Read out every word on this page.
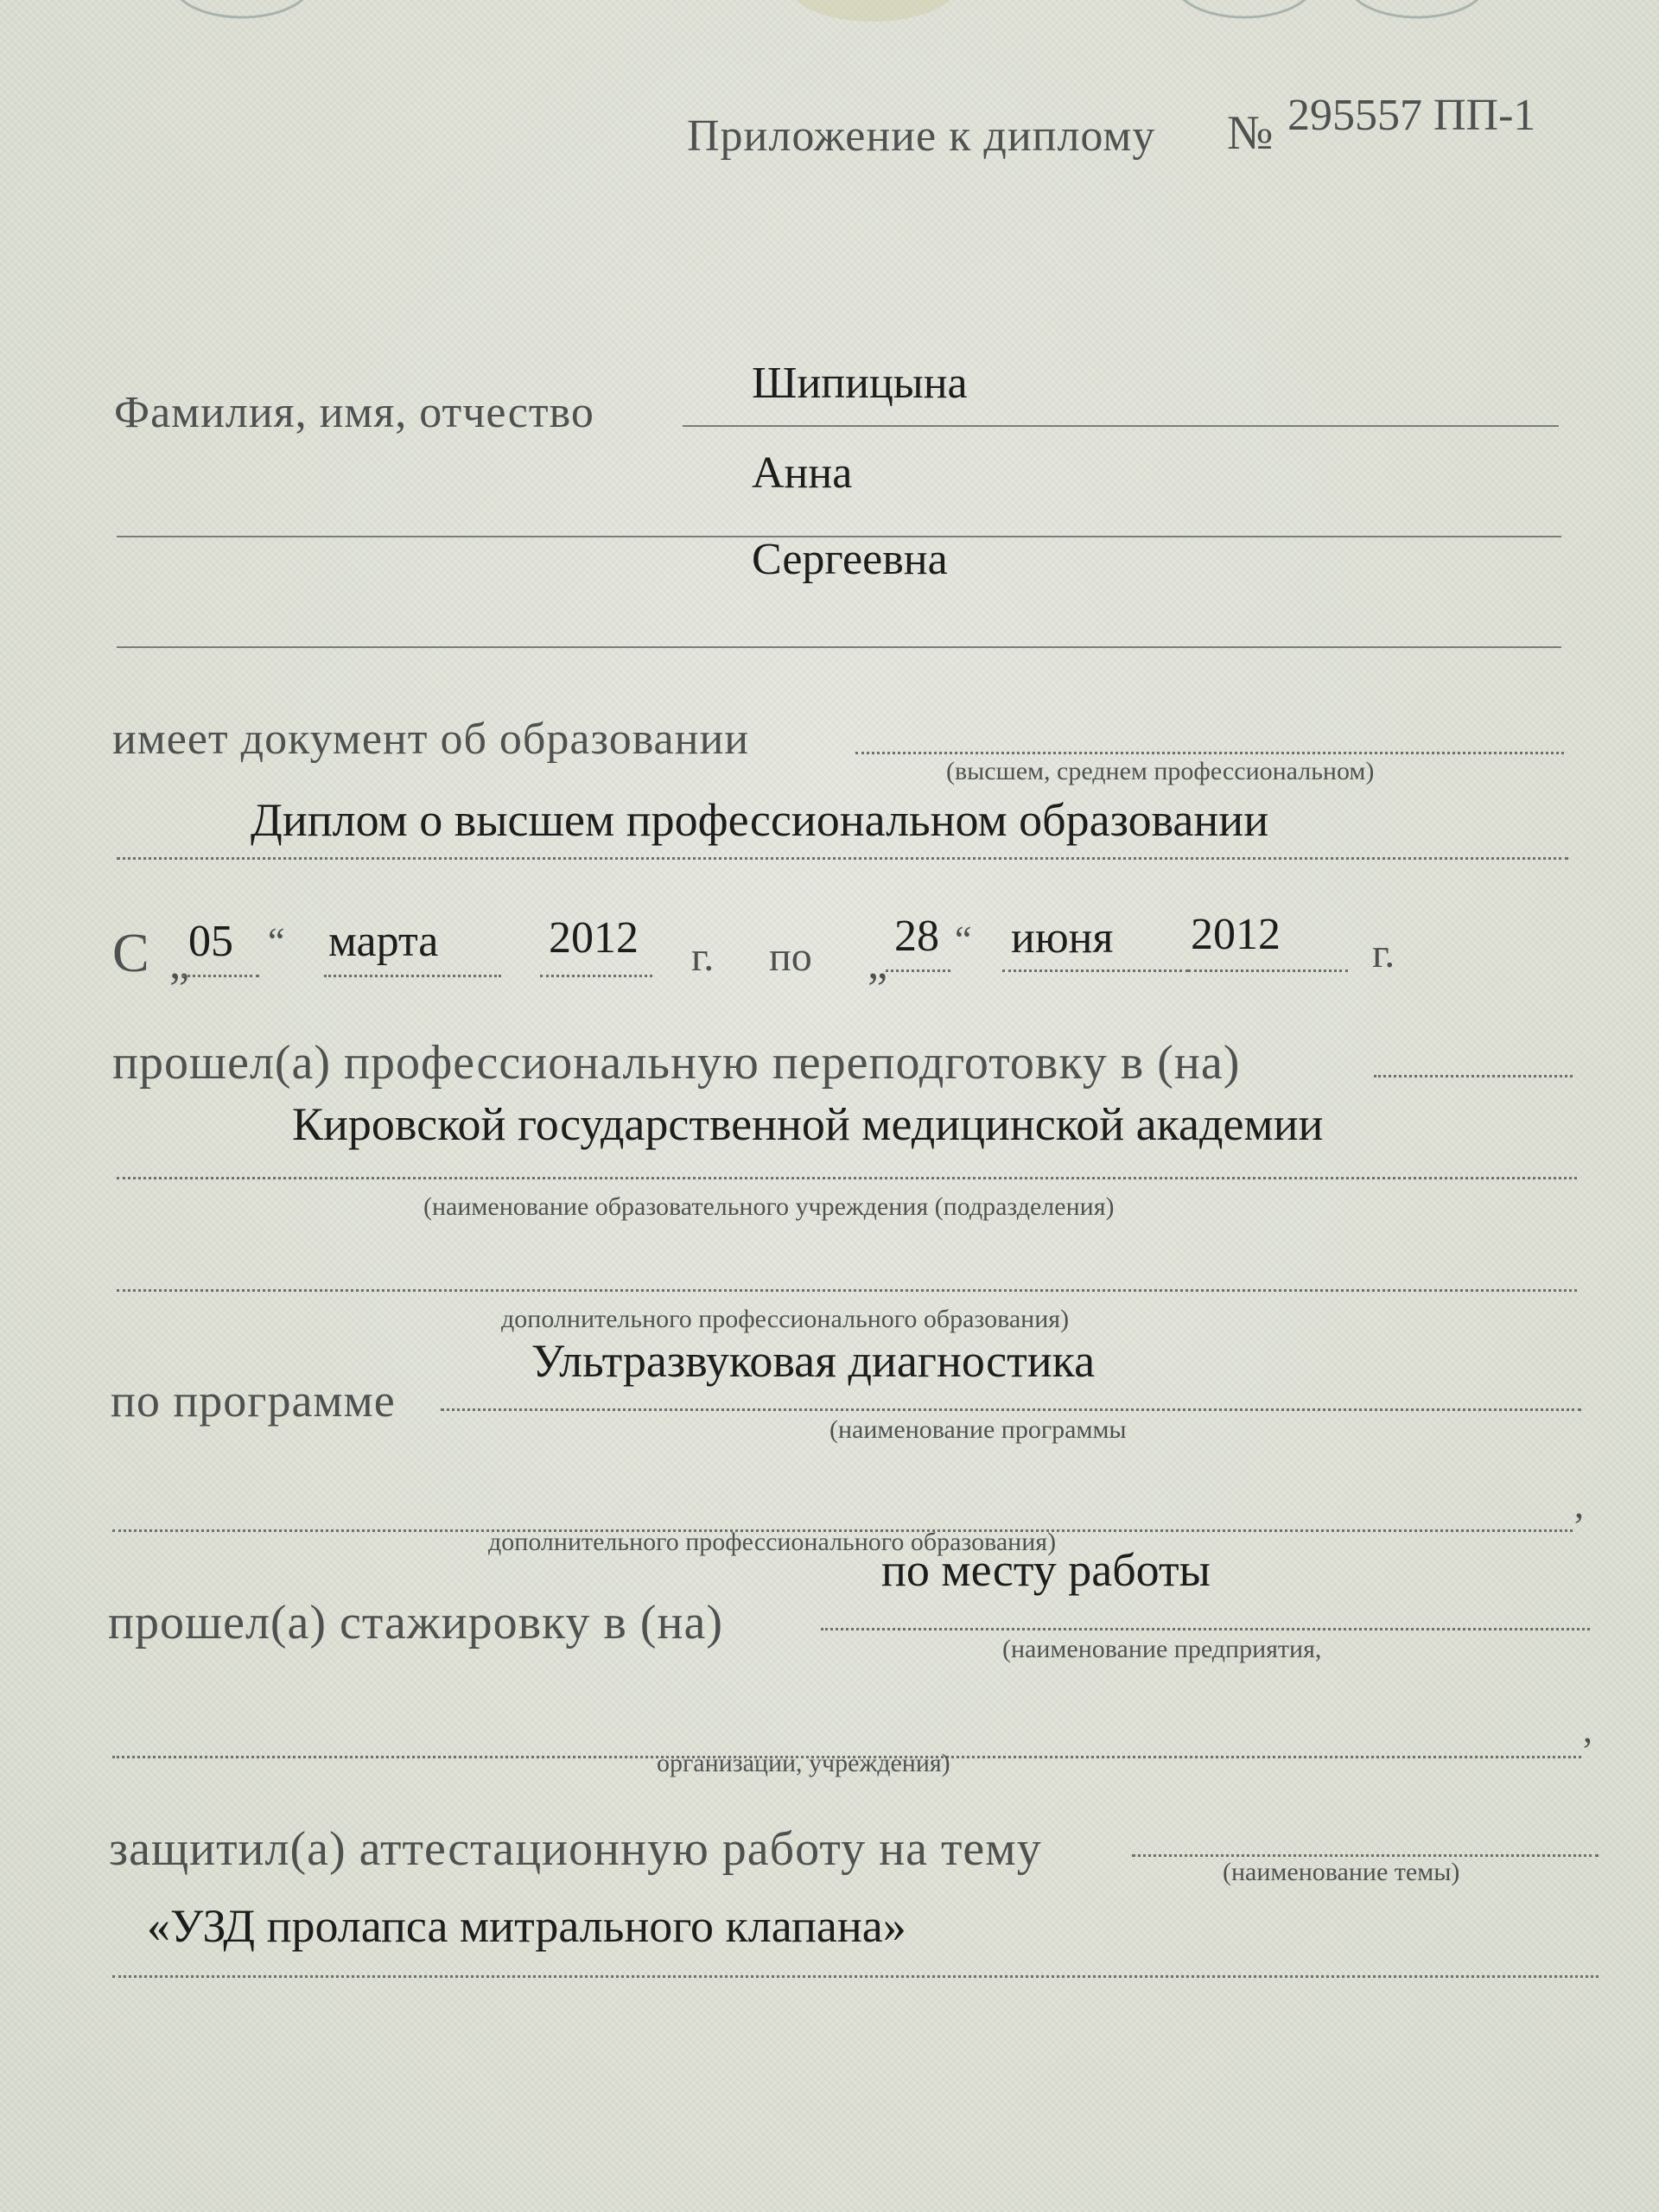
Приложение к диплому № 295557 ПП-1
Фамилия, имя, отчество
Шипицына
Анна
Сергеевна
имеет документ об образовании
(высшем, среднем профессиональном)
Диплом о высшем профессиональном образовании
С „
05 “ марта 2012 г. по „
28 “ июня 2012 г.
прошел(а) профессиональную переподготовку в (на)
Кировской государственной медицинской академии
(наименование образовательного учреждения (подразделения)
дополнительного профессионального образования)
по программе
Ультразвуковая диагностика
(наименование программы
,
дополнительного профессионального образования)
по месту работы
прошел(а) стажировку в (на)	(наименование предприятия,
,
организации, учреждения)
защитил(а) аттестационную работу на тему	(наименование темы)
«УЗД пролапса митрального клапана»
